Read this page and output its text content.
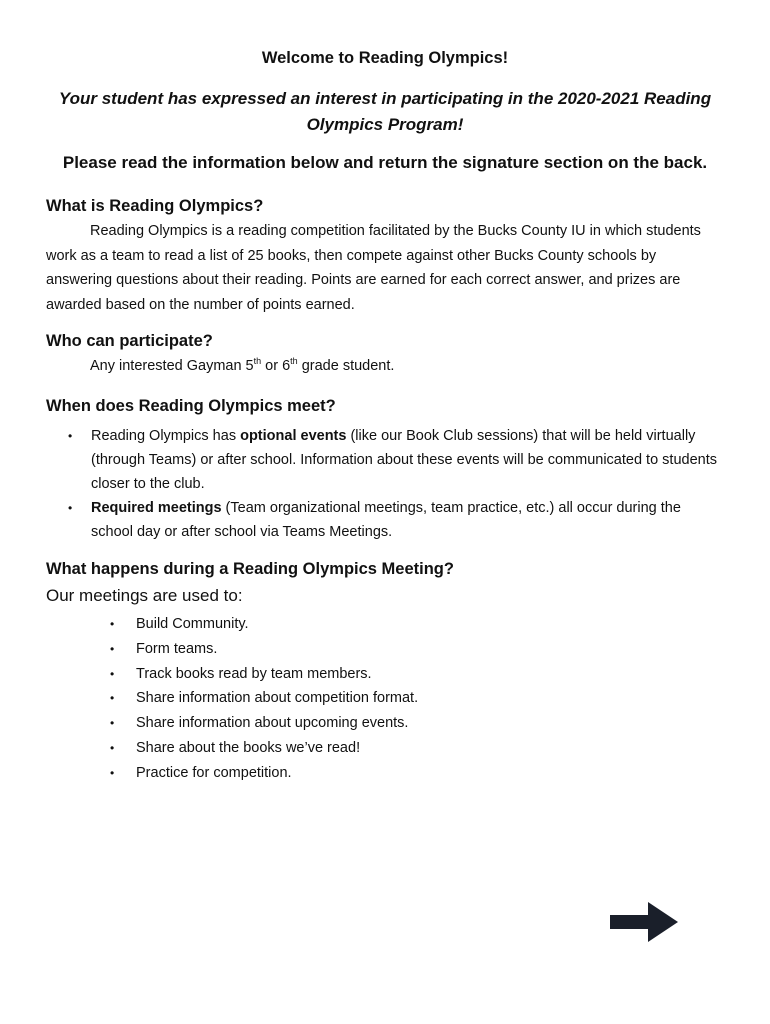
Welcome to Reading Olympics!

Your student has expressed an interest in participating in the 2020-2021 Reading Olympics Program!

Please read the information below and return the signature section on the back.

What is Reading Olympics?

Reading Olympics is a reading competition facilitated by the Bucks County IU in which students work as a team to read a list of 25 books, then compete against other Bucks County schools by answering questions about their reading. Points are earned for each correct answer, and prizes are awarded based on the number of points earned.

Who can participate?

Any interested Gayman 5th or 6th grade student.

When does Reading Olympics meet?
• Reading Olympics has optional events (like our Book Club sessions) that will be held virtually (through Teams) or after school. Information about these events will be communicated to students closer to the club.
• Required meetings (Team organizational meetings, team practice, etc.) all occur during the school day or after school via Teams Meetings.
What happens during a Reading Olympics Meeting?

Our meetings are used to:

• Build Community.
• Form teams.
• Track books read by team members.
• Share information about competition format.
• Share information about upcoming events.
• Share about the books we’ve read!
• Practice for competition.
